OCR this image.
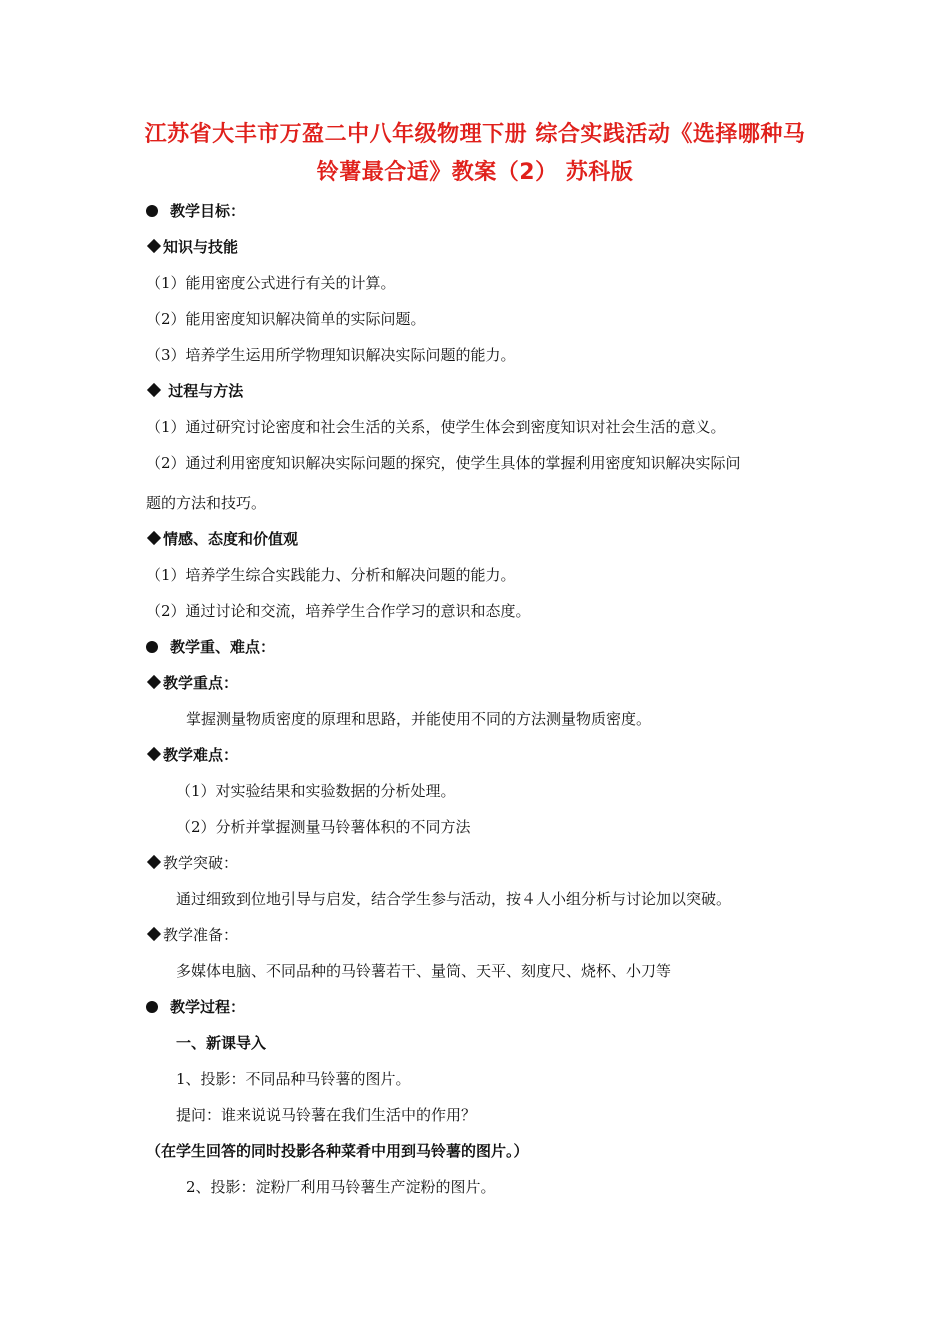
江苏省大丰市万盈二中八年级物理下册 综合实践活动《选择哪种马
铃薯最合适》教案（2） 苏科版
教学目标：
知识与技能
（1）能用密度公式进行有关的计算。
（2）能用密度知识解决简单的实际问题。
（3）培养学生运用所学物理知识解决实际问题的能力。
过程与方法
（1）通过研究讨论密度和社会生活的关系，使学生体会到密度知识对社会生活的意义。
（2）通过利用密度知识解决实际问题的探究，使学生具体的掌握利用密度知识解决实际问
题的方法和技巧。
情感、态度和价值观
（1）培养学生综合实践能力、分析和解决问题的能力。
（2）通过讨论和交流，培养学生合作学习的意识和态度。
教学重、难点：
教学重点：
掌握测量物质密度的原理和思路，并能使用不同的方法测量物质密度。
教学难点：
（1）对实验结果和实验数据的分析处理。
（2）分析并掌握测量马铃薯体积的不同方法
教学突破：
通过细致到位地引导与启发，结合学生参与活动，按４人小组分析与讨论加以突破。
教学准备：
多媒体电脑、不同品种的马铃薯若干、量筒、天平、刻度尺、烧杯、小刀等
教学过程：
一、新课导入
1、投影：不同品种马铃薯的图片。
提问：谁来说说马铃薯在我们生活中的作用？
（在学生回答的同时投影各种菜肴中用到马铃薯的图片。）
2、投影：淀粉厂利用马铃薯生产淀粉的图片。
